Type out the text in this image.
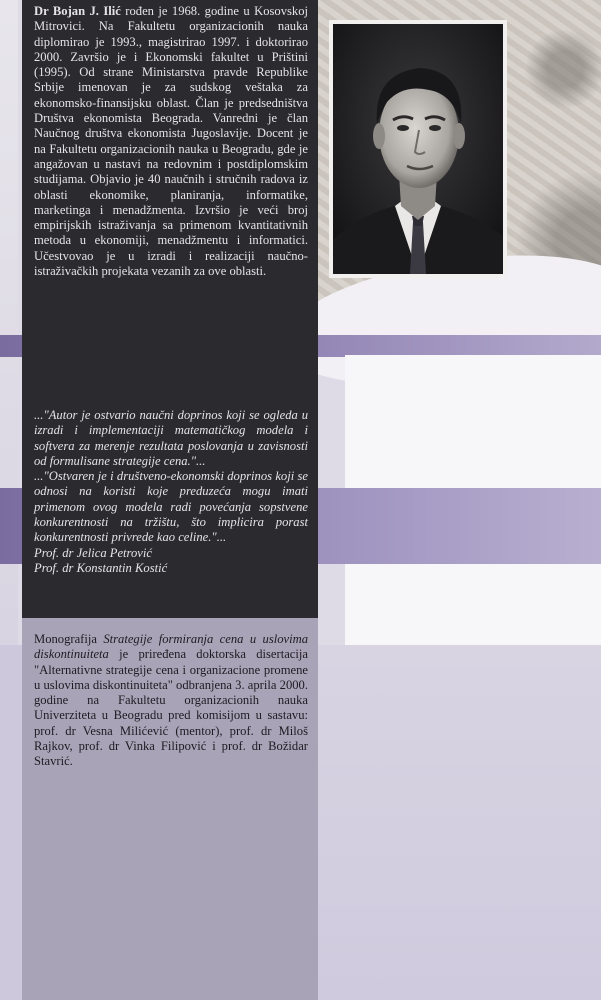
Dr Bojan J. Ilić rođen je 1968. godine u Kosovskoj Mitrovici. Na Fakultetu organizacionih nauka diplomirao je 1993., magistrirao 1997. i doktorirao 2000. Završio je i Ekonomski fakultet u Prištini (1995). Od strane Ministarstva pravde Republike Srbije imenovan je za sudskog veštaka za ekonomsko-finansijsku oblast. Član je predsedništva Društva ekonomista Beograda. Vanredni je član Naučnog društva ekonomista Jugoslavije. Docent je na Fakultetu organizacionih nauka u Beogradu, gde je angažovan u nastavi na redovnim i postdiplomskim studijama. Objavio je 40 naučnih i stručnih radova iz oblasti ekonomike, planiranja, informatike, marketinga i menadžmenta. Izvršio je veći broj empirijskih istraživanja sa primenom kvantitativnih metoda u ekonomiji, menadžmentu i informatici. Učestvovao je u izradi i realizaciji naučno-istraživačkih projekata vezanih za ove oblasti.

..."Autor je ostvario naučni doprinos koji se ogleda u izradi i implementaciji matematičkog modela i softvera za merenje rezultata poslovanja u zavisnosti od formulisane strategije cena."...

..."Ostvaren je i društveno-ekonomski doprinos koji se odnosi na koristi koje preduzeća mogu imati primenom ovog modela radi povećanja sopstvene konkurentnosti na tržištu, što implicira porast konkurentnosti privrede kao celine."...

Prof. dr Jelica Petrović

Prof. dr Konstantin Kostić

Monografija Strategije formiranja cena u uslovima diskontinuiteta je priređena doktorska disertacija "Alternativne strategije cena i organizacione promene u uslovima diskontinuiteta" odbranjena 3. aprila 2000. godine na Fakultetu organizacionih nauka Univerziteta u Beogradu pred komisijom u sastavu: prof. dr Vesna Milićević (mentor), prof. dr Miloš Rajkov, prof. dr Vinka Filipović i prof. dr Božidar Stavrić.
